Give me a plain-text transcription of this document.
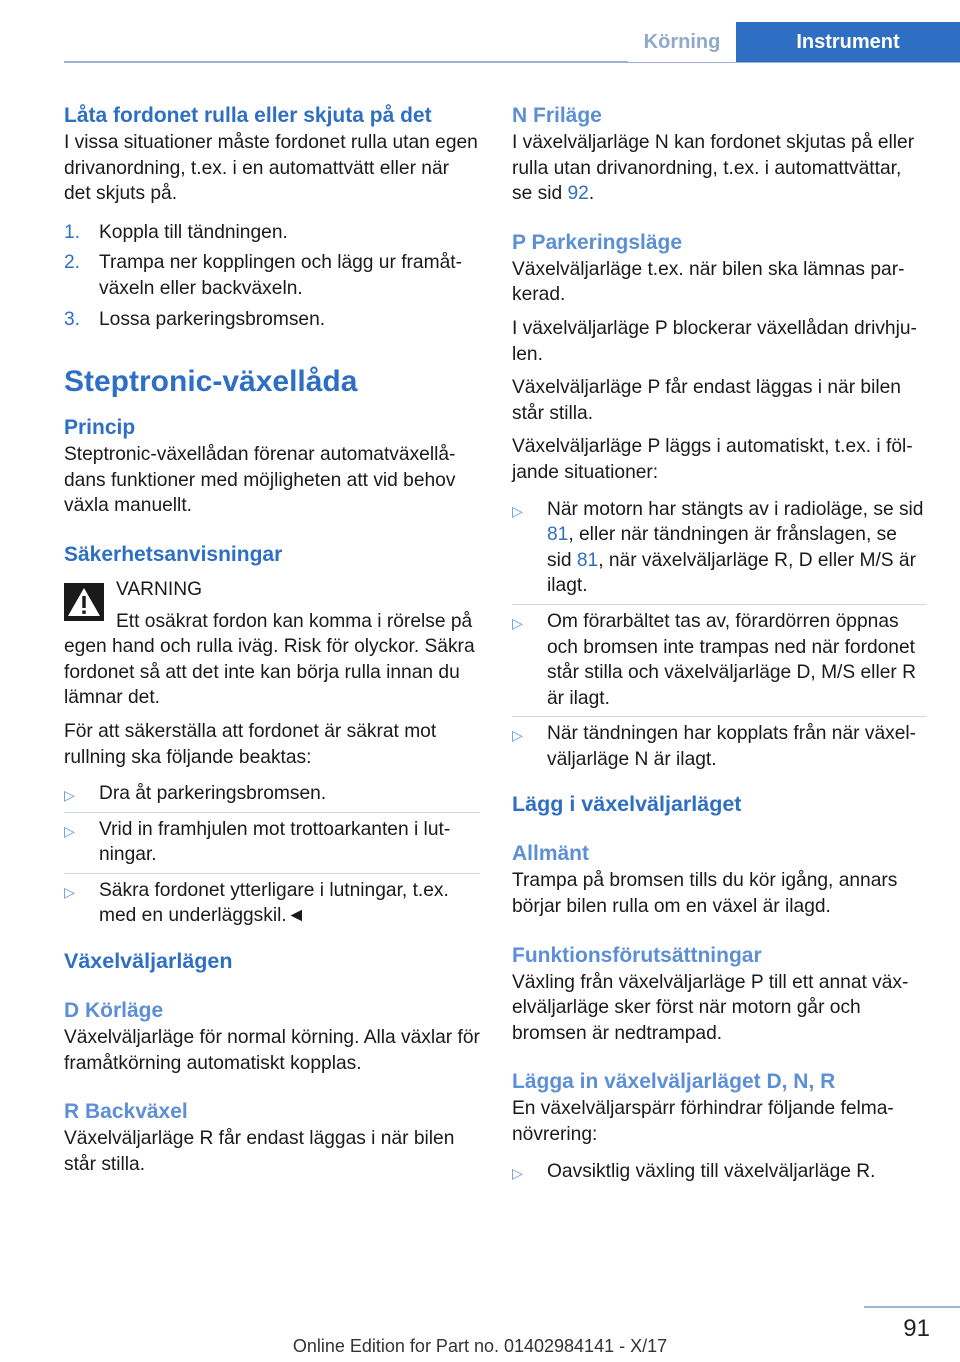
Körning	Instrument
Låta fordonet rulla eller skjuta på det

I vissa situationer måste fordonet rulla utan egen drivanordning, t.ex. i en automattvätt eller när det skjuts på.

1. Koppla till tändningen.
2. Trampa ner kopplingen och lägg ur framåtväxeln eller backväxeln.
3. Lossa parkeringsbromsen.
Steptronic-växellåda
Princip

Steptronic-växellådan förenar automatväxellådans funktioner med möjligheten att vid behov växla manuellt.

Säkerhetsanvisningar

VARNING

Ett osäkrat fordon kan komma i rörelse på egen hand och rulla iväg. Risk för olyckor. Säkra fordonet så att det inte kan börja rulla innan du lämnar det.

För att säkerställa att fordonet är säkrat mot rullning ska följande beaktas:

▷ Dra åt parkeringsbromsen.
▷ Vrid in framhjulen mot trottoarkanten i lutningar.
▷ Säkra fordonet ytterligare i lutningar, t.ex. med en underläggskil.◄
Växelväljarlägen
D Körläge

Växelväljarläge för normal körning. Alla växlar för framåtkörning automatiskt kopplas.

R Backväxel

Växelväljarläge R får endast läggas i när bilen står stilla.

N Friläge

I växelväljarläge N kan fordonet skjutas på eller rulla utan drivanordning, t.ex. i automattvättar, se sid 92.

P Parkeringsläge

Växelväljarläge t.ex. när bilen ska lämnas parkerad.

I växelväljarläge P blockerar växellådan drivhjulen.

Växelväljarläge P får endast läggas i när bilen står stilla.

Växelväljarläge P läggs i automatiskt, t.ex. i följande situationer:

▷ När motorn har stängts av i radioläge, se sid 81, eller när tändningen är frånslagen, se sid 81, när växelväljarläge R, D eller M/S är ilagt.
▷ Om förarbältet tas av, förardörren öppnas och bromsen inte trampas ned när fordonet står stilla och växelväljarläge D, M/S eller R är ilagt.
▷ När tändningen har kopplats från när växelväljarläge N är ilagt.
Lägg i växelväljarläget
Allmänt

Trampa på bromsen tills du kör igång, annars börjar bilen rulla om en växel är ilagd.

Funktionsförutsättningar

Växling från växelväljarläge P till ett annat växelväljarläge sker först när motorn går och bromsen är nedtrampad.

Lägga in växelväljarläget D, N, R

En växelväljarspärr förhindrar följande felmanövrering:

▷ Oavsiktlig växling till växelväljarläge R.
91
Online Edition for Part no. 01402984141 - X/17
